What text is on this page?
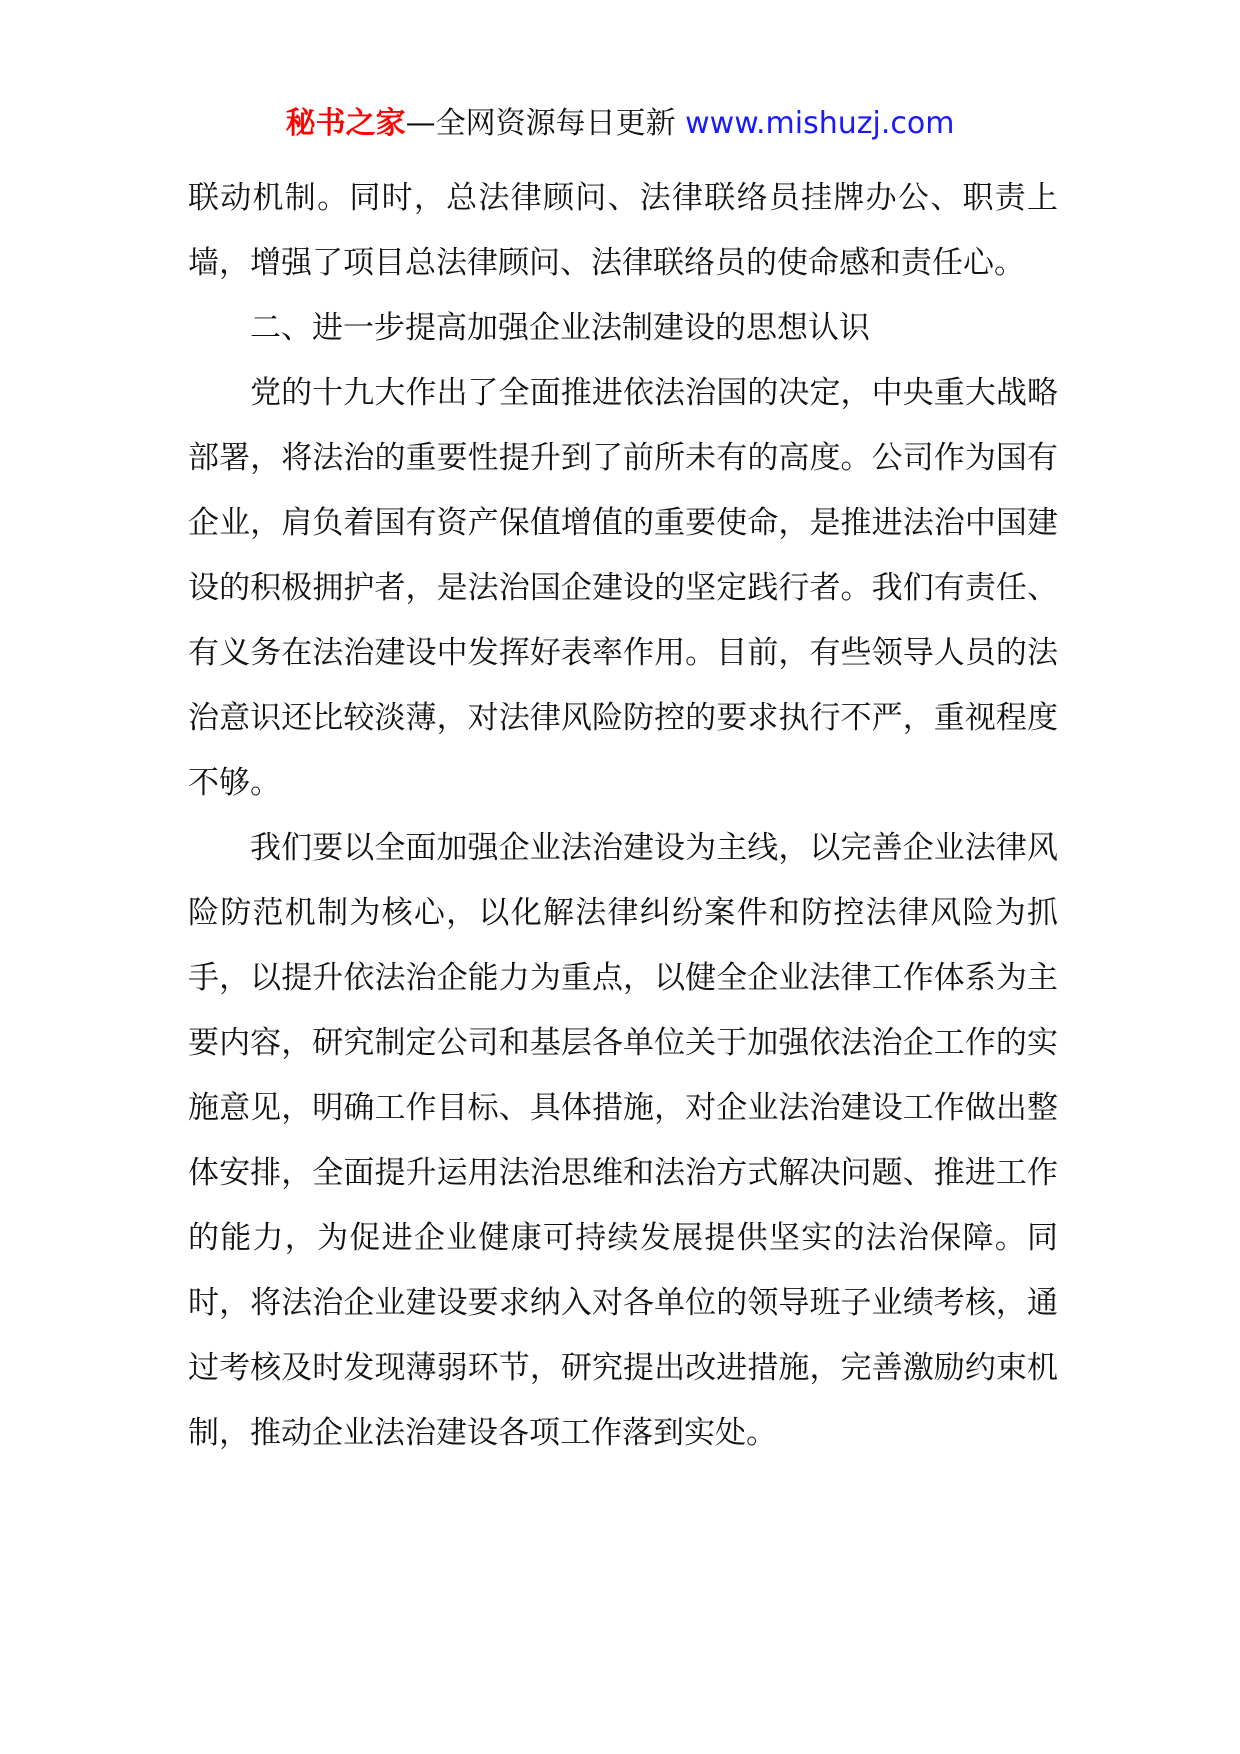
秘书之家—全网资源每日更新 www.mishuzj.com

联动机制。同时，总法律顾问、法律联络员挂牌办公、职责上墙，增强了项目总法律顾问、法律联络员的使命感和责任心。

二、进一步提高加强企业法制建设的思想认识

党的十九大作出了全面推进依法治国的决定，中央重大战略部署，将法治的重要性提升到了前所未有的高度。公司作为国有企业，肩负着国有资产保值增值的重要使命，是推进法治中国建设的积极拥护者，是法治国企建设的坚定践行者。我们有责任、有义务在法治建设中发挥好表率作用。目前，有些领导人员的法治意识还比较淡薄，对法律风险防控的要求执行不严，重视程度不够。

我们要以全面加强企业法治建设为主线，以完善企业法律风险防范机制为核心，以化解法律纠纷案件和防控法律风险为抓手，以提升依法治企能力为重点，以健全企业法律工作体系为主要内容，研究制定公司和基层各单位关于加强依法治企工作的实施意见，明确工作目标、具体措施，对企业法治建设工作做出整体安排，全面提升运用法治思维和法治方式解决问题、推进工作的能力，为促进企业健康可持续发展提供坚实的法治保障。同时，将法治企业建设要求纳入对各单位的领导班子业绩考核，通过考核及时发现薄弱环节，研究提出改进措施，完善激励约束机制，推动企业法治建设各项工作落到实处。
